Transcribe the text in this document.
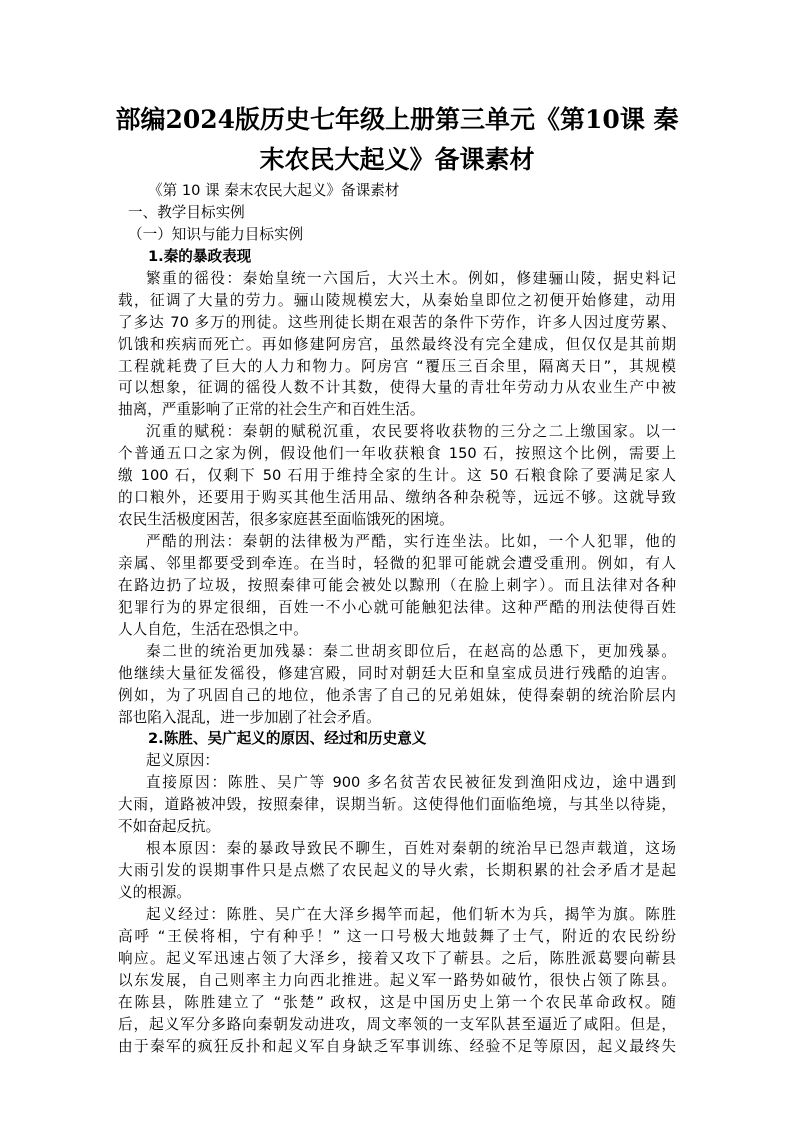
部编2024版历史七年级上册第三单元《第10课 秦
末农民大起义》备课素材
《第 10 课 秦末农民大起义》备课素材
一、教学目标实例
（一）知识与能力目标实例
1.秦的暴政表现
繁重的徭役：秦始皇统一六国后，大兴土木。例如，修建骊山陵，据史料记
载，征调了大量的劳力。骊山陵规模宏大，从秦始皇即位之初便开始修建，动用
了多达 70 多万的刑徒。这些刑徒长期在艰苦的条件下劳作，许多人因过度劳累、
饥饿和疾病而死亡。再如修建阿房宫，虽然最终没有完全建成，但仅仅是其前期
工程就耗费了巨大的人力和物力。阿房宫 “覆压三百余里，隔离天日”，其规模
可以想象，征调的徭役人数不计其数，使得大量的青壮年劳动力从农业生产中被
抽离，严重影响了正常的社会生产和百姓生活。
沉重的赋税：秦朝的赋税沉重，农民要将收获物的三分之二上缴国家。以一
个普通五口之家为例，假设他们一年收获粮食 150 石，按照这个比例，需要上
缴 100 石，仅剩下 50 石用于维持全家的生计。这 50 石粮食除了要满足家人
的口粮外，还要用于购买其他生活用品、缴纳各种杂税等，远远不够。这就导致
农民生活极度困苦，很多家庭甚至面临饿死的困境。
严酷的刑法：秦朝的法律极为严酷，实行连坐法。比如，一个人犯罪，他的
亲属、邻里都要受到牵连。在当时，轻微的犯罪可能就会遭受重刑。例如，有人
在路边扔了垃圾，按照秦律可能会被处以黥刑（在脸上刺字）。而且法律对各种
犯罪行为的界定很细，百姓一不小心就可能触犯法律。这种严酷的刑法使得百姓
人人自危，生活在恐惧之中。
秦二世的统治更加残暴：秦二世胡亥即位后，在赵高的怂恿下，更加残暴。
他继续大量征发徭役，修建宫殿，同时对朝廷大臣和皇室成员进行残酷的迫害。
例如，为了巩固自己的地位，他杀害了自己的兄弟姐妹，使得秦朝的统治阶层内
部也陷入混乱，进一步加剧了社会矛盾。
2.陈胜、吴广起义的原因、经过和历史意义
起义原因：
直接原因：陈胜、吴广等 900 多名贫苦农民被征发到渔阳戍边，途中遇到
大雨，道路被冲毁，按照秦律，误期当斩。这使得他们面临绝境，与其坐以待毙，
不如奋起反抗。
根本原因：秦的暴政导致民不聊生，百姓对秦朝的统治早已怨声载道，这场
大雨引发的误期事件只是点燃了农民起义的导火索，长期积累的社会矛盾才是起
义的根源。
起义经过：陈胜、吴广在大泽乡揭竿而起，他们斩木为兵，揭竿为旗。陈胜
高呼 “王侯将相，宁有种乎！” 这一口号极大地鼓舞了士气，附近的农民纷纷
响应。起义军迅速占领了大泽乡，接着又攻下了蕲县。之后，陈胜派葛婴向蕲县
以东发展，自己则率主力向西北推进。起义军一路势如破竹，很快占领了陈县。
在陈县，陈胜建立了 “张楚” 政权，这是中国历史上第一个农民革命政权。随
后，起义军分多路向秦朝发动进攻，周文率领的一支军队甚至逼近了咸阳。但是，
由于秦军的疯狂反扑和起义军自身缺乏军事训练、经验不足等原因，起义最终失
